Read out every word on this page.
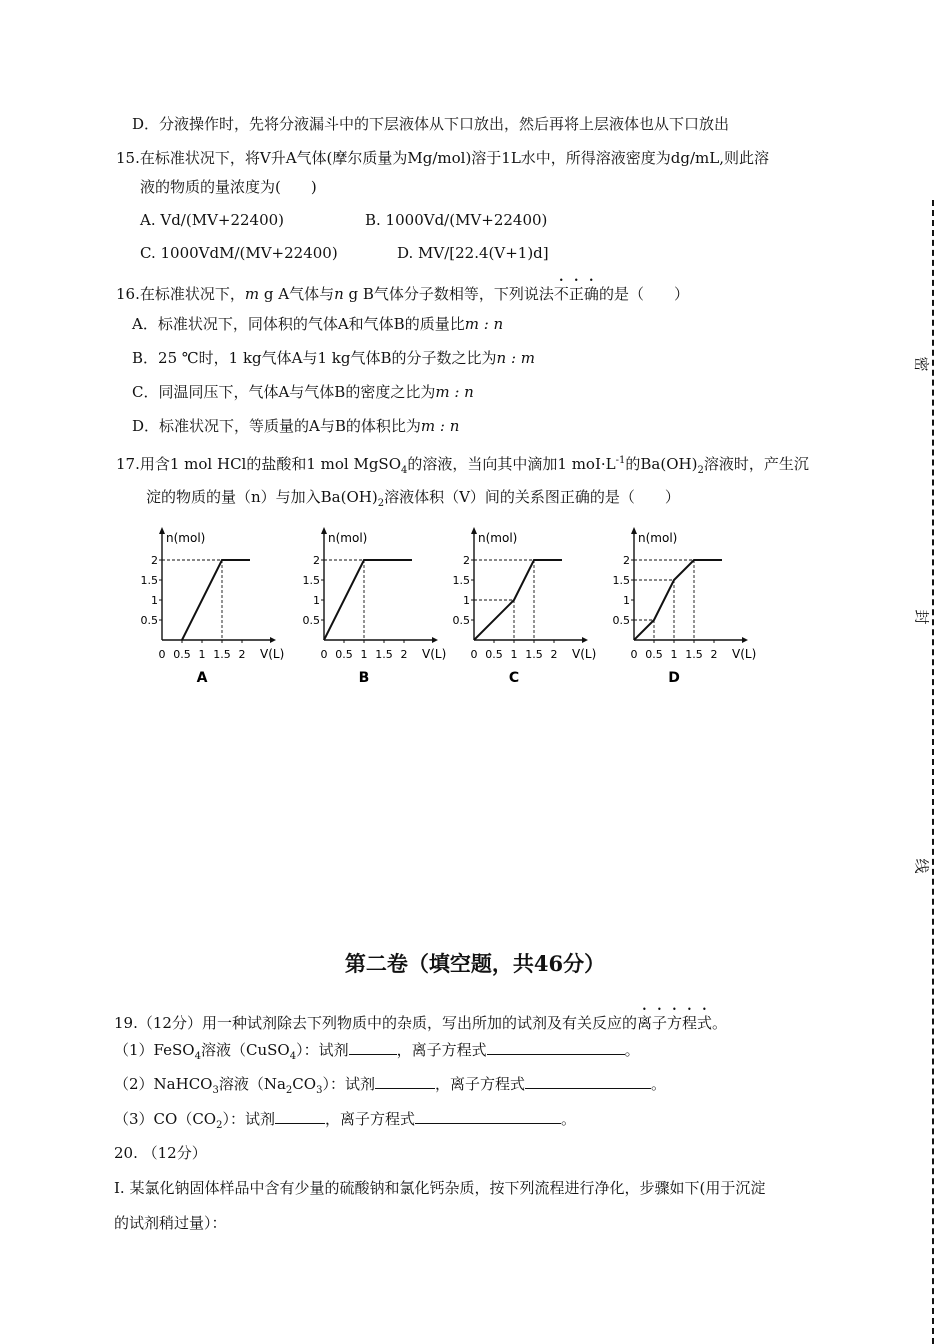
密
封
线
D．分液操作时，先将分液漏斗中的下层液体从下口放出，然后再将上层液体也从下口放出
15.在标准状况下，将V升A气体(摩尔质量为Mg/mol)溶于1L水中，所得溶液密度为dg/mL,则此溶
液的物质的量浓度为(　　)
A. Vd/(MV+22400)	B. 1000Vd/(MV+22400)
C. 1000VdM/(MV+22400)	D. MV/[22.4(V+1)d]
16.在标准状况下，m g A气体与n g B气体分子数相等，下列说法不正确的是（　　）
A．标准状况下，同体积的气体A和气体B的质量比m : n
B．25 ℃时，1 kg气体A与1 kg气体B的分子数之比为n : m
C．同温同压下，气体A与气体B的密度之比为m : n
D．标准状况下，等质量的A与B的体积比为m : n
17.用含1 mol HCl的盐酸和1 mol MgSO$_4$的溶液，当向其中滴加1 $moI\cdot L^{-1}$的$Ba(OH)_2$溶液时，产生沉
淀的物质的量（n）与加入$Ba(OH)_2$溶液体积（V）间的关系图正确的是（　　）
n(mol)
V(L)
0 0.5 1 1.5 2
0.5
1
1.5
2
A
n(mol)
V(L)
0 0.5 1 1.5 2
0.5
1
1.5
2
B
n(mol)
V(L)
0 0.5 1 1.5 2
0.5
1
1.5
2
C
n(mol)
V(L)
0 0.5 1 1.5 2
0.5
1
1.5
2
D
第二卷（填空题，共46分）
19.（12分）用一种试剂除去下列物质中的杂质，写出所加的试剂及有关反应的离子方程式。
（1）FeSO$_4$溶液（CuSO$_4$）：试剂	，离子方程式	。
（2）NaHCO$_3$溶液$(Na_2CO_3)$：试剂	，离子方程式	。
$(3)CO(CO_2)$：试剂	，离子方程式	。
20. （12分）
I. 某氯化钠固体样品中含有少量的硫酸钠和氯化钙杂质，按下列流程进行净化，步骤如下(用于沉淀
的试剂稍过量）：
